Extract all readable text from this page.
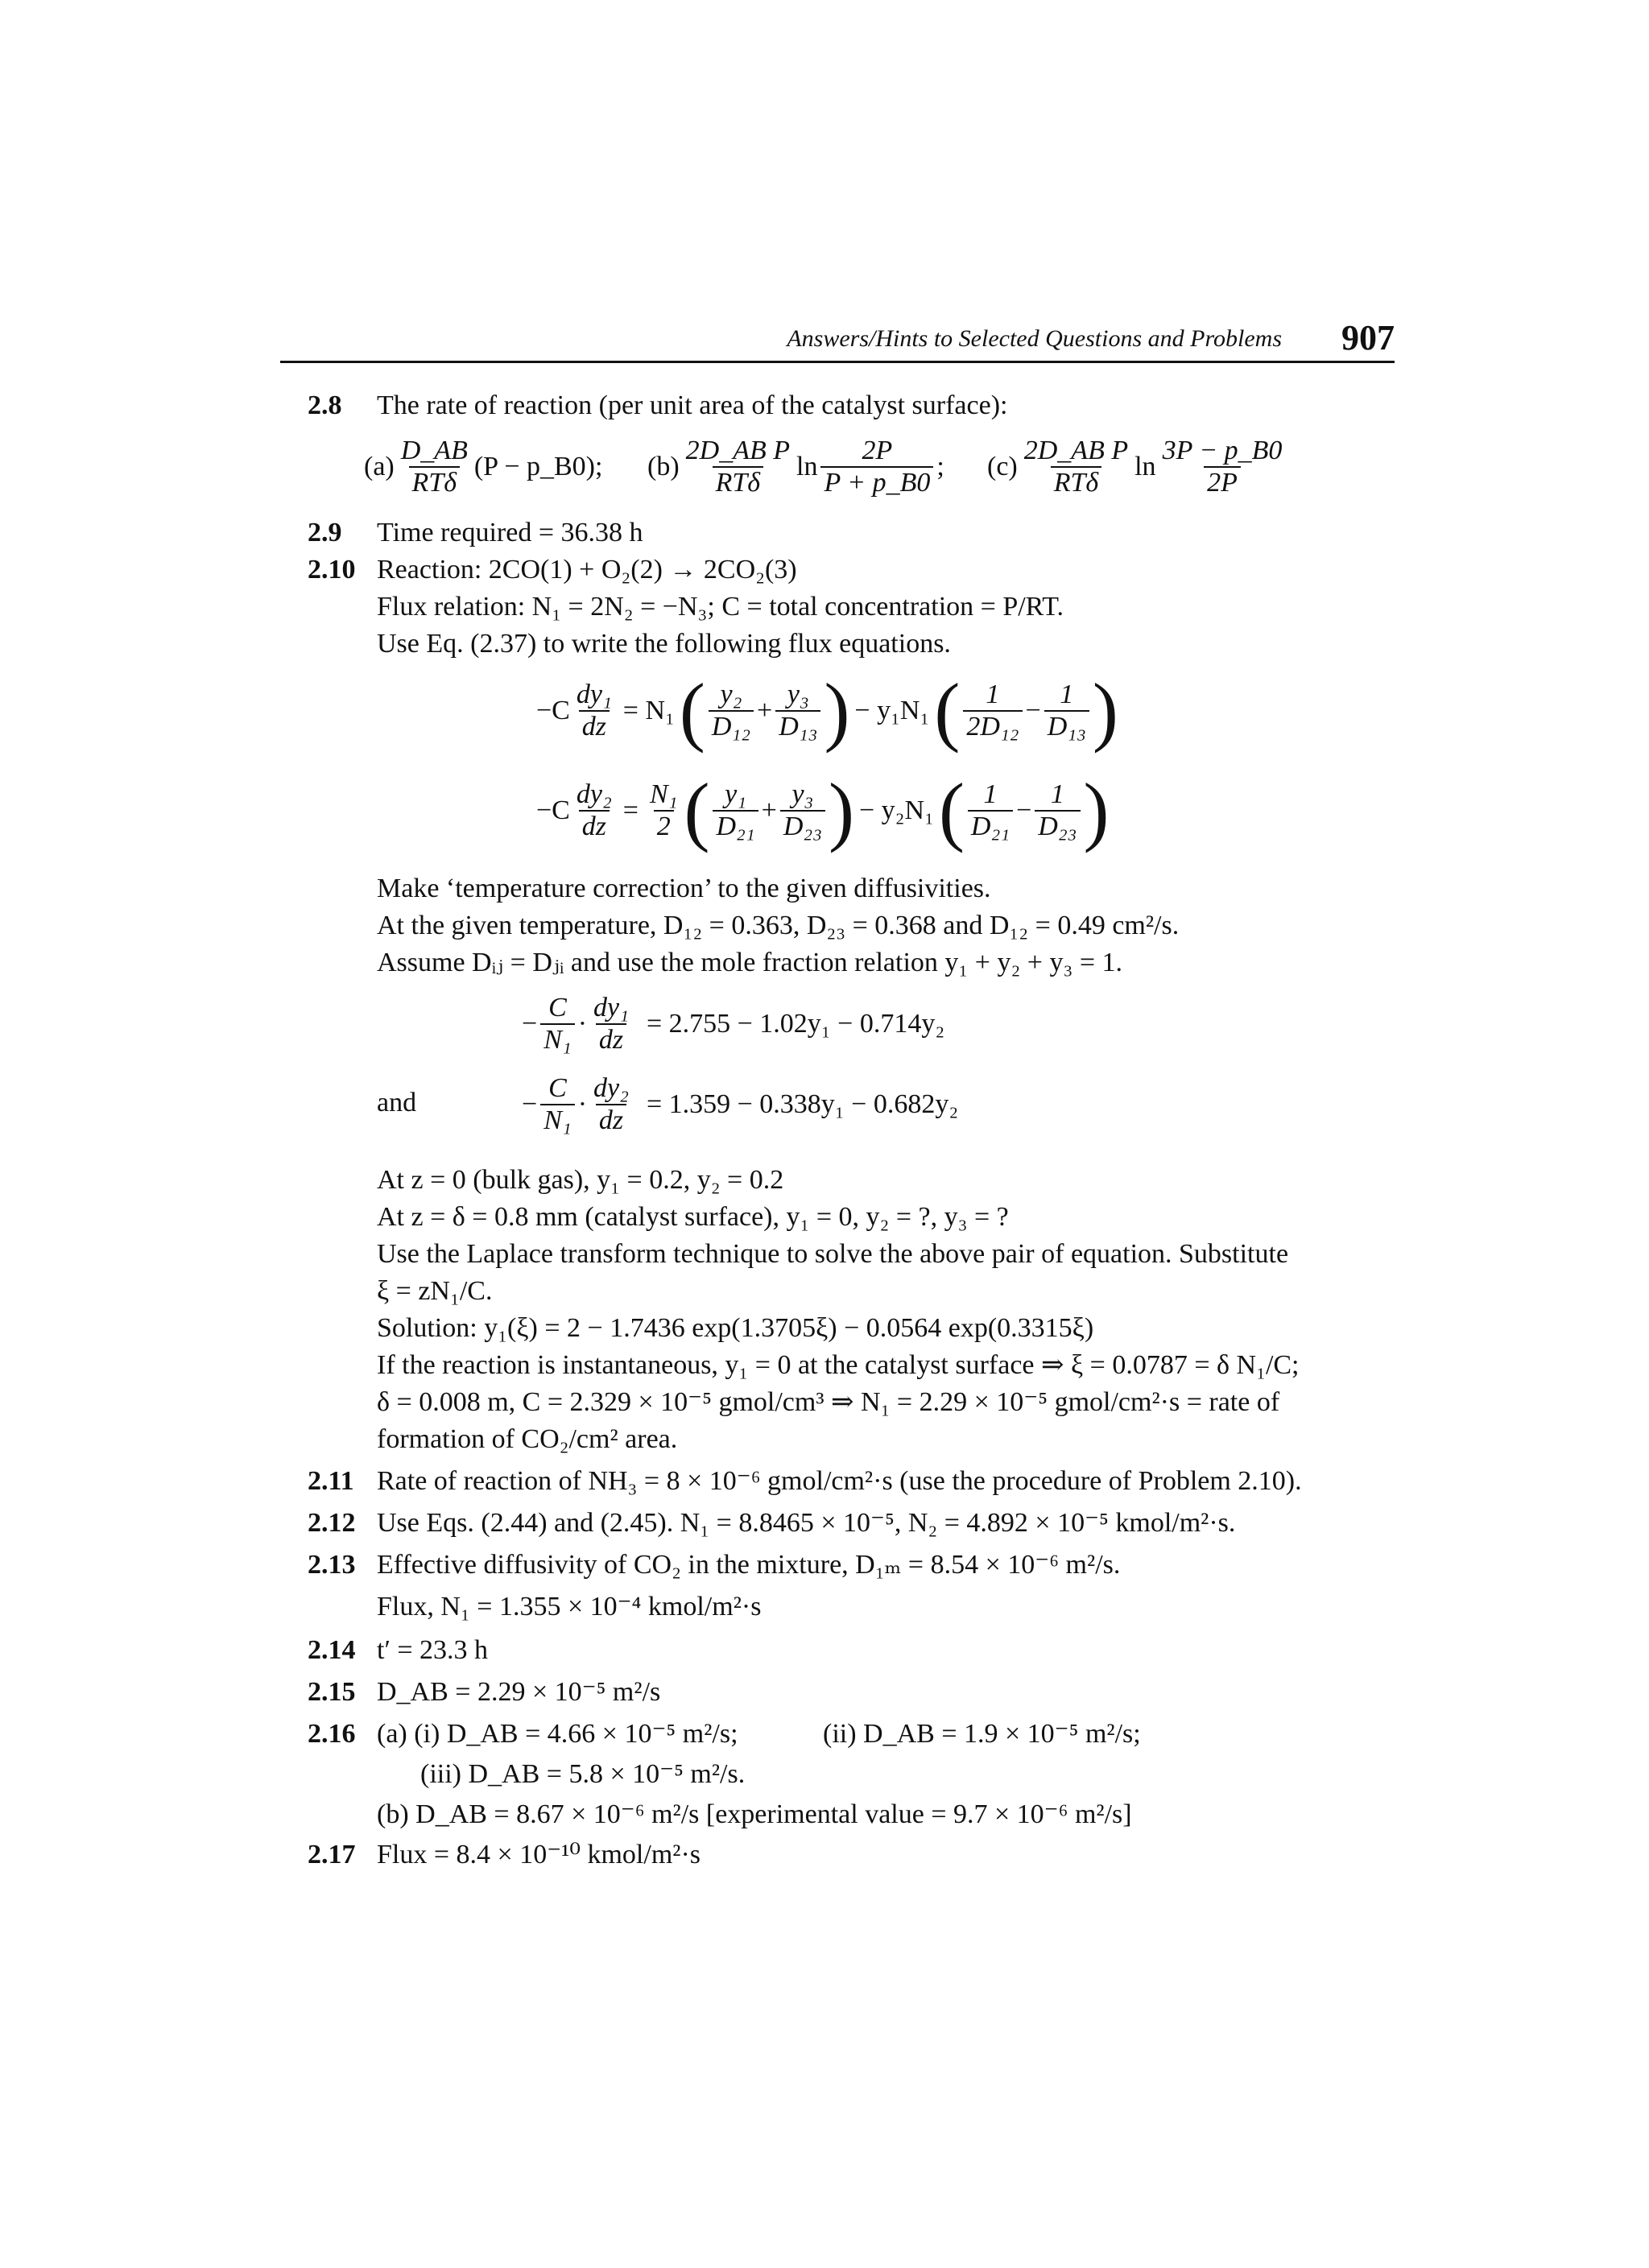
Answers/Hints to Selected Questions and Problems 907
2.8 The rate of reaction (per unit area of the catalyst surface):
$(a) \frac{D\_AB}{\text{RTδ}} (P$ − p_B0); $(b) \frac{\text{2D\_AB P}}{\text{RTδ}}$ $\ln \frac{2P}{P + p\_B0}$ ; $(c) \frac{\text{2D\_AB P}}{\text{RTδ}}$ $\ln \frac{3P - p\_B0}{2P}$
2.9 Time required = 36.38 h
2.10 Reaction: 2CO(1) + O₂(2) → 2CO₂(3)
Flux relation: N₁ = 2N₂ = −N₃; C = total concentration = P/RT.
Use Eq. (2.37) to write the following flux equations.
$-C \frac{\text{dy₁}}{dz} = N_1$ ( $\frac{\text{y₂}}{\text{D₁₂}} + \frac{\text{y₃}}{\text{D₁₃}}$ ) − y₁N₁ ( $\frac{1}{\text{2D₁₂}} - \frac{1}{\text{D₁₃}}$ )
$-C \frac{\text{dy₂}}{dz} = \frac{\text{N₁}}{2}$ ( $\frac{\text{y₁}}{\text{D₂₁}} + \frac{\text{y₃}}{\text{D₂₃}}$ ) − y₂N₁ ( $\frac{1}{\text{D₂₁}} - \frac{1}{\text{D₂₃}}$ )
Make ‘temperature correction’ to the given diffusivities.
At the given temperature, D₁₂ = 0.363, D₂₃ = 0.368 and D₁₂ = 0.49 cm²/s.
Assume Dᵢⱼ = Dⱼᵢ and use the mole fraction relation y₁ + y₂ + y₃ = 1.
− $\frac{C}{\text{N₁}} \cdot \frac{\text{dy₁}}{dz} = 2.755 - 1.02y_1 - 0.714y_2$
and	− $\frac{C}{\text{N₁}} \cdot \frac{\text{dy₂}}{dz} = 1.359 - 0.338y_1 - 0.682y_2$
At z = 0 (bulk gas), y₁ = 0.2, y₂ = 0.2
At z = δ = 0.8 mm (catalyst surface), y₁ = 0, y₂ = ?, y₃ = ?
Use the Laplace transform technique to solve the above pair of equation. Substitute
ξ = zN₁/C.
Solution: y₁(ξ) = 2 − 1.7436 exp(1.3705ξ) − 0.0564 exp(0.3315ξ)
If the reaction is instantaneous, y₁ = 0 at the catalyst surface ⇒ ξ = 0.0787 = δ N₁/C;
δ = 0.008 m, C = 2.329 × 10⁻⁵ gmol/cm³ ⇒ N₁ = 2.29 × 10⁻⁵ gmol/cm²·s = rate of
formation of CO₂/cm² area.
2.11 Rate of reaction of NH₃ = 8 × 10⁻⁶ gmol/cm²·s (use the procedure of Problem 2.10).
2.12 Use Eqs. (2.44) and (2.45). N₁ = 8.8465 × 10⁻⁵, N₂ = 4.892 × 10⁻⁵ kmol/m²·s.
2.13 Effective diffusivity of CO₂ in the mixture, D₁ₘ = 8.54 × 10⁻⁶ m²/s.
Flux, N₁ = 1.355 × 10⁻⁴ kmol/m²·s
2.14 t′ = 23.3 h
2.15 D_AB = 2.29 × 10⁻⁵ m²/s
2.16 (a) (i) D_AB = 4.66 × 10⁻⁵ m²/s;	(ii) D_AB = 1.9 × 10⁻⁵ m²/s;
(iii) D_AB = 5.8 × 10⁻⁵ m²/s.
(b) D_AB = 8.67 × 10⁻⁶ m²/s [experimental value = 9.7 × 10⁻⁶ m²/s]
2.17 Flux = 8.4 × 10⁻¹⁰ kmol/m²·s
